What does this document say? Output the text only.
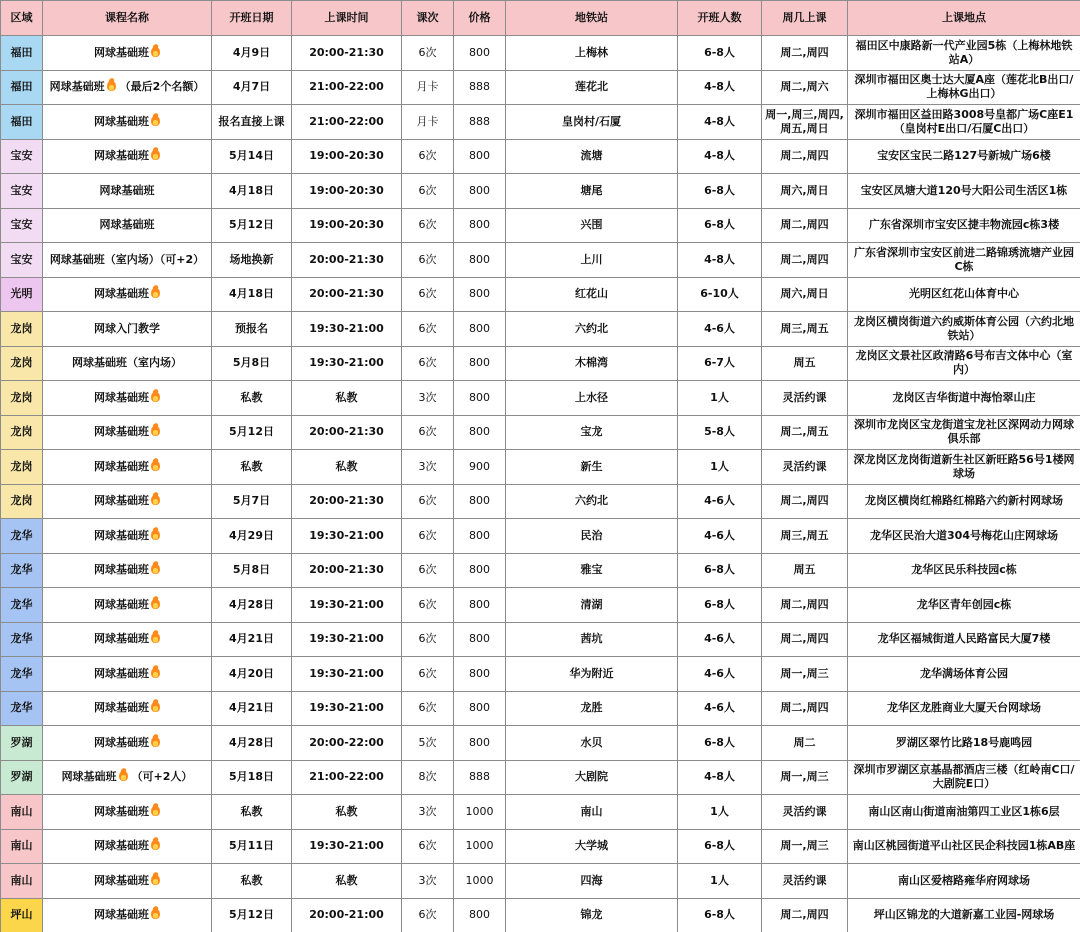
区域	课程名称	开班日期	上课时间	课次	价格	地铁站	开班人数	周几上课	上课地点
福田	网球基础班	4月9日	20:00-21:30	6次	800	上梅林	6-8人	周二,周四	福田区中康路新一代产业园5栋（上梅林地铁站A）
福田	网球基础班 （最后2个名额）	4月7日	21:00-22:00	月卡	888	莲花北	4-8人	周二,周六	深圳市福田区奥士达大厦A座（莲花北B出口/上梅林G出口）
福田	网球基础班	报名直接上课	21:00-22:00	月卡	888	皇岗村/石厦	4-8人	周一,周三,周四,周五,周日	深圳市福田区益田路3008号皇都广场C座E1（皇岗村E出口/石厦C出口）
宝安	网球基础班	5月14日	19:00-20:30	6次	800	流塘	4-8人	周二,周四	宝安区宝民二路127号新城广场6楼
宝安	网球基础班	4月18日	19:00-20:30	6次	800	塘尾	6-8人	周六,周日	宝安区凤塘大道120号大阳公司生活区1栋
宝安	网球基础班	5月12日	19:00-20:30	6次	800	兴围	6-8人	周二,周四	广东省深圳市宝安区捷丰物流园c栋3楼
宝安	网球基础班（室内场）（可+2）	场地换新	20:00-21:30	6次	800	上川	4-8人	周二,周四	广东省深圳市宝安区前进二路锦琇流塘产业园C栋
光明	网球基础班	4月18日	20:00-21:30	6次	800	红花山	6-10人	周六,周日	光明区红花山体育中心
龙岗	网球入门教学	预报名	19:30-21:00	6次	800	六约北	4-6人	周三,周五	龙岗区横岗街道六约威斯体育公园（六约北地铁站）
龙岗	网球基础班（室内场）	5月8日	19:30-21:00	6次	800	木棉湾	6-7人	周五	龙岗区文景社区政清路6号布吉文体中心（室内）
龙岗	网球基础班	私教	私教	3次	800	上水径	1人	灵活约课	龙岗区吉华街道中海怡翠山庄
龙岗	网球基础班	5月12日	20:00-21:30	6次	800	宝龙	5-8人	周二,周五	深圳市龙岗区宝龙街道宝龙社区深网动力网球俱乐部
龙岗	网球基础班	私教	私教	3次	900	新生	1人	灵活约课	深龙岗区龙岗街道新生社区新旺路56号1楼网球场
龙岗	网球基础班	5月7日	20:00-21:30	6次	800	六约北	4-6人	周二,周四	龙岗区横岗红棉路红棉路六约新村网球场
龙华	网球基础班	4月29日	19:30-21:00	6次	800	民治	4-6人	周三,周五	龙华区民治大道304号梅花山庄网球场
龙华	网球基础班	5月8日	20:00-21:30	6次	800	雅宝	6-8人	周五	龙华区民乐科技园c栋
龙华	网球基础班	4月28日	19:30-21:00	6次	800	清湖	6-8人	周二,周四	龙华区青年创园c栋
龙华	网球基础班	4月21日	19:30-21:00	6次	800	茜坑	4-6人	周二,周四	龙华区福城街道人民路富民大厦7楼
龙华	网球基础班	4月20日	19:30-21:00	6次	800	华为附近	4-6人	周一,周三	龙华满场体育公园
龙华	网球基础班	4月21日	19:30-21:00	6次	800	龙胜	4-6人	周二,周四	龙华区龙胜商业大厦天台网球场
罗湖	网球基础班	4月28日	20:00-22:00	5次	800	水贝	6-8人	周二	罗湖区翠竹比路18号鹿鸣园
罗湖	网球基础班 （可+2人）	5月18日	21:00-22:00	8次	888	大剧院	4-8人	周一,周三	深圳市罗湖区京基晶都酒店三楼（红岭南C口/大剧院E口）
南山	网球基础班	私教	私教	3次	1000	南山	1人	灵活约课	南山区南山街道南油第四工业区1栋6层
南山	网球基础班	5月11日	19:30-21:00	6次	1000	大学城	6-8人	周一,周三	南山区桃园街道平山社区民企科技园1栋AB座
南山	网球基础班	私教	私教	3次	1000	四海	1人	灵活约课	南山区爱榕路雍华府网球场
坪山	网球基础班	5月12日	20:00-21:00	6次	800	锦龙	6-8人	周二,周四	坪山区锦龙的大道新嘉工业园-网球场
